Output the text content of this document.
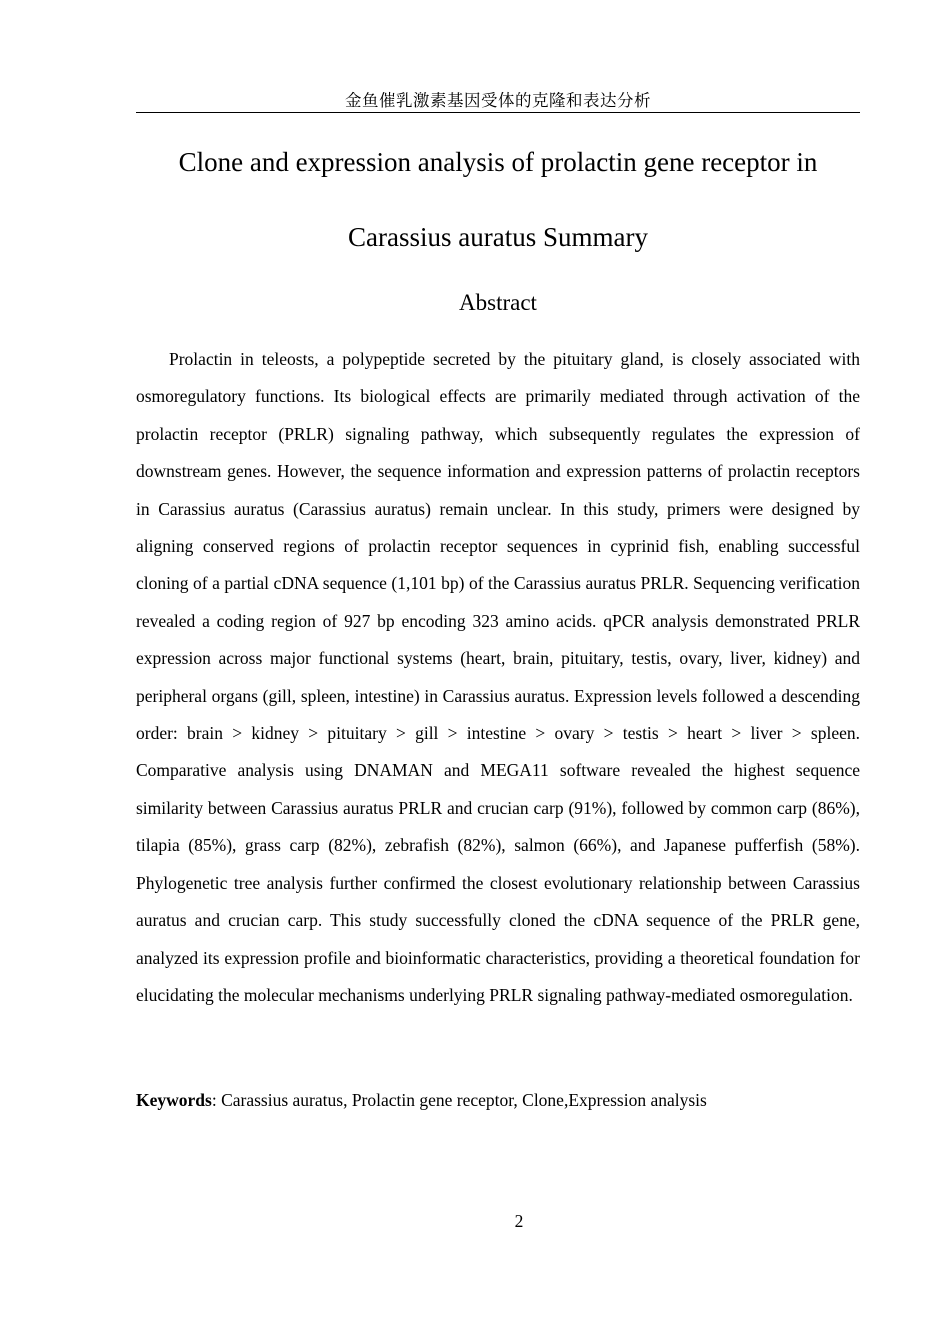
金鱼催乳激素基因受体的克隆和表达分析
Clone and expression analysis of prolactin gene receptor in
Carassius auratus Summary
Abstract

Prolactin in teleosts, a polypeptide secreted by the pituitary gland, is closely associated with osmoregulatory functions. Its biological effects are primarily mediated through activation of the prolactin receptor (PRLR) signaling pathway, which subsequently regulates the expression of downstream genes. However, the sequence information and expression patterns of prolactin receptors in Carassius auratus (Carassius auratus) remain unclear. In this study, primers were designed by aligning conserved regions of prolactin receptor sequences in cyprinid fish, enabling successful cloning of a partial cDNA sequence (1,101 bp) of the Carassius auratus PRLR. Sequencing verification revealed a coding region of 927 bp encoding 323 amino acids. qPCR analysis demonstrated PRLR expression across major functional systems (heart, brain, pituitary, testis, ovary, liver, kidney) and peripheral organs (gill, spleen, intestine) in Carassius auratus. Expression levels followed a descending order: brain > kidney > pituitary > gill > intestine > ovary > testis > heart > liver > spleen. Comparative analysis using DNAMAN and MEGA11 software revealed the highest sequence similarity between Carassius auratus PRLR and crucian carp (91%), followed by common carp (86%), tilapia (85%), grass carp (82%), zebrafish (82%), salmon (66%), and Japanese pufferfish (58%). Phylogenetic tree analysis further confirmed the closest evolutionary relationship between Carassius auratus and crucian carp. This study successfully cloned the cDNA sequence of the PRLR gene, analyzed its expression profile and bioinformatic characteristics, providing a theoretical foundation for elucidating the molecular mechanisms underlying PRLR signaling pathway-mediated osmoregulation.

Keywords: Carassius auratus, Prolactin gene receptor, Clone,Expression analysis
2
